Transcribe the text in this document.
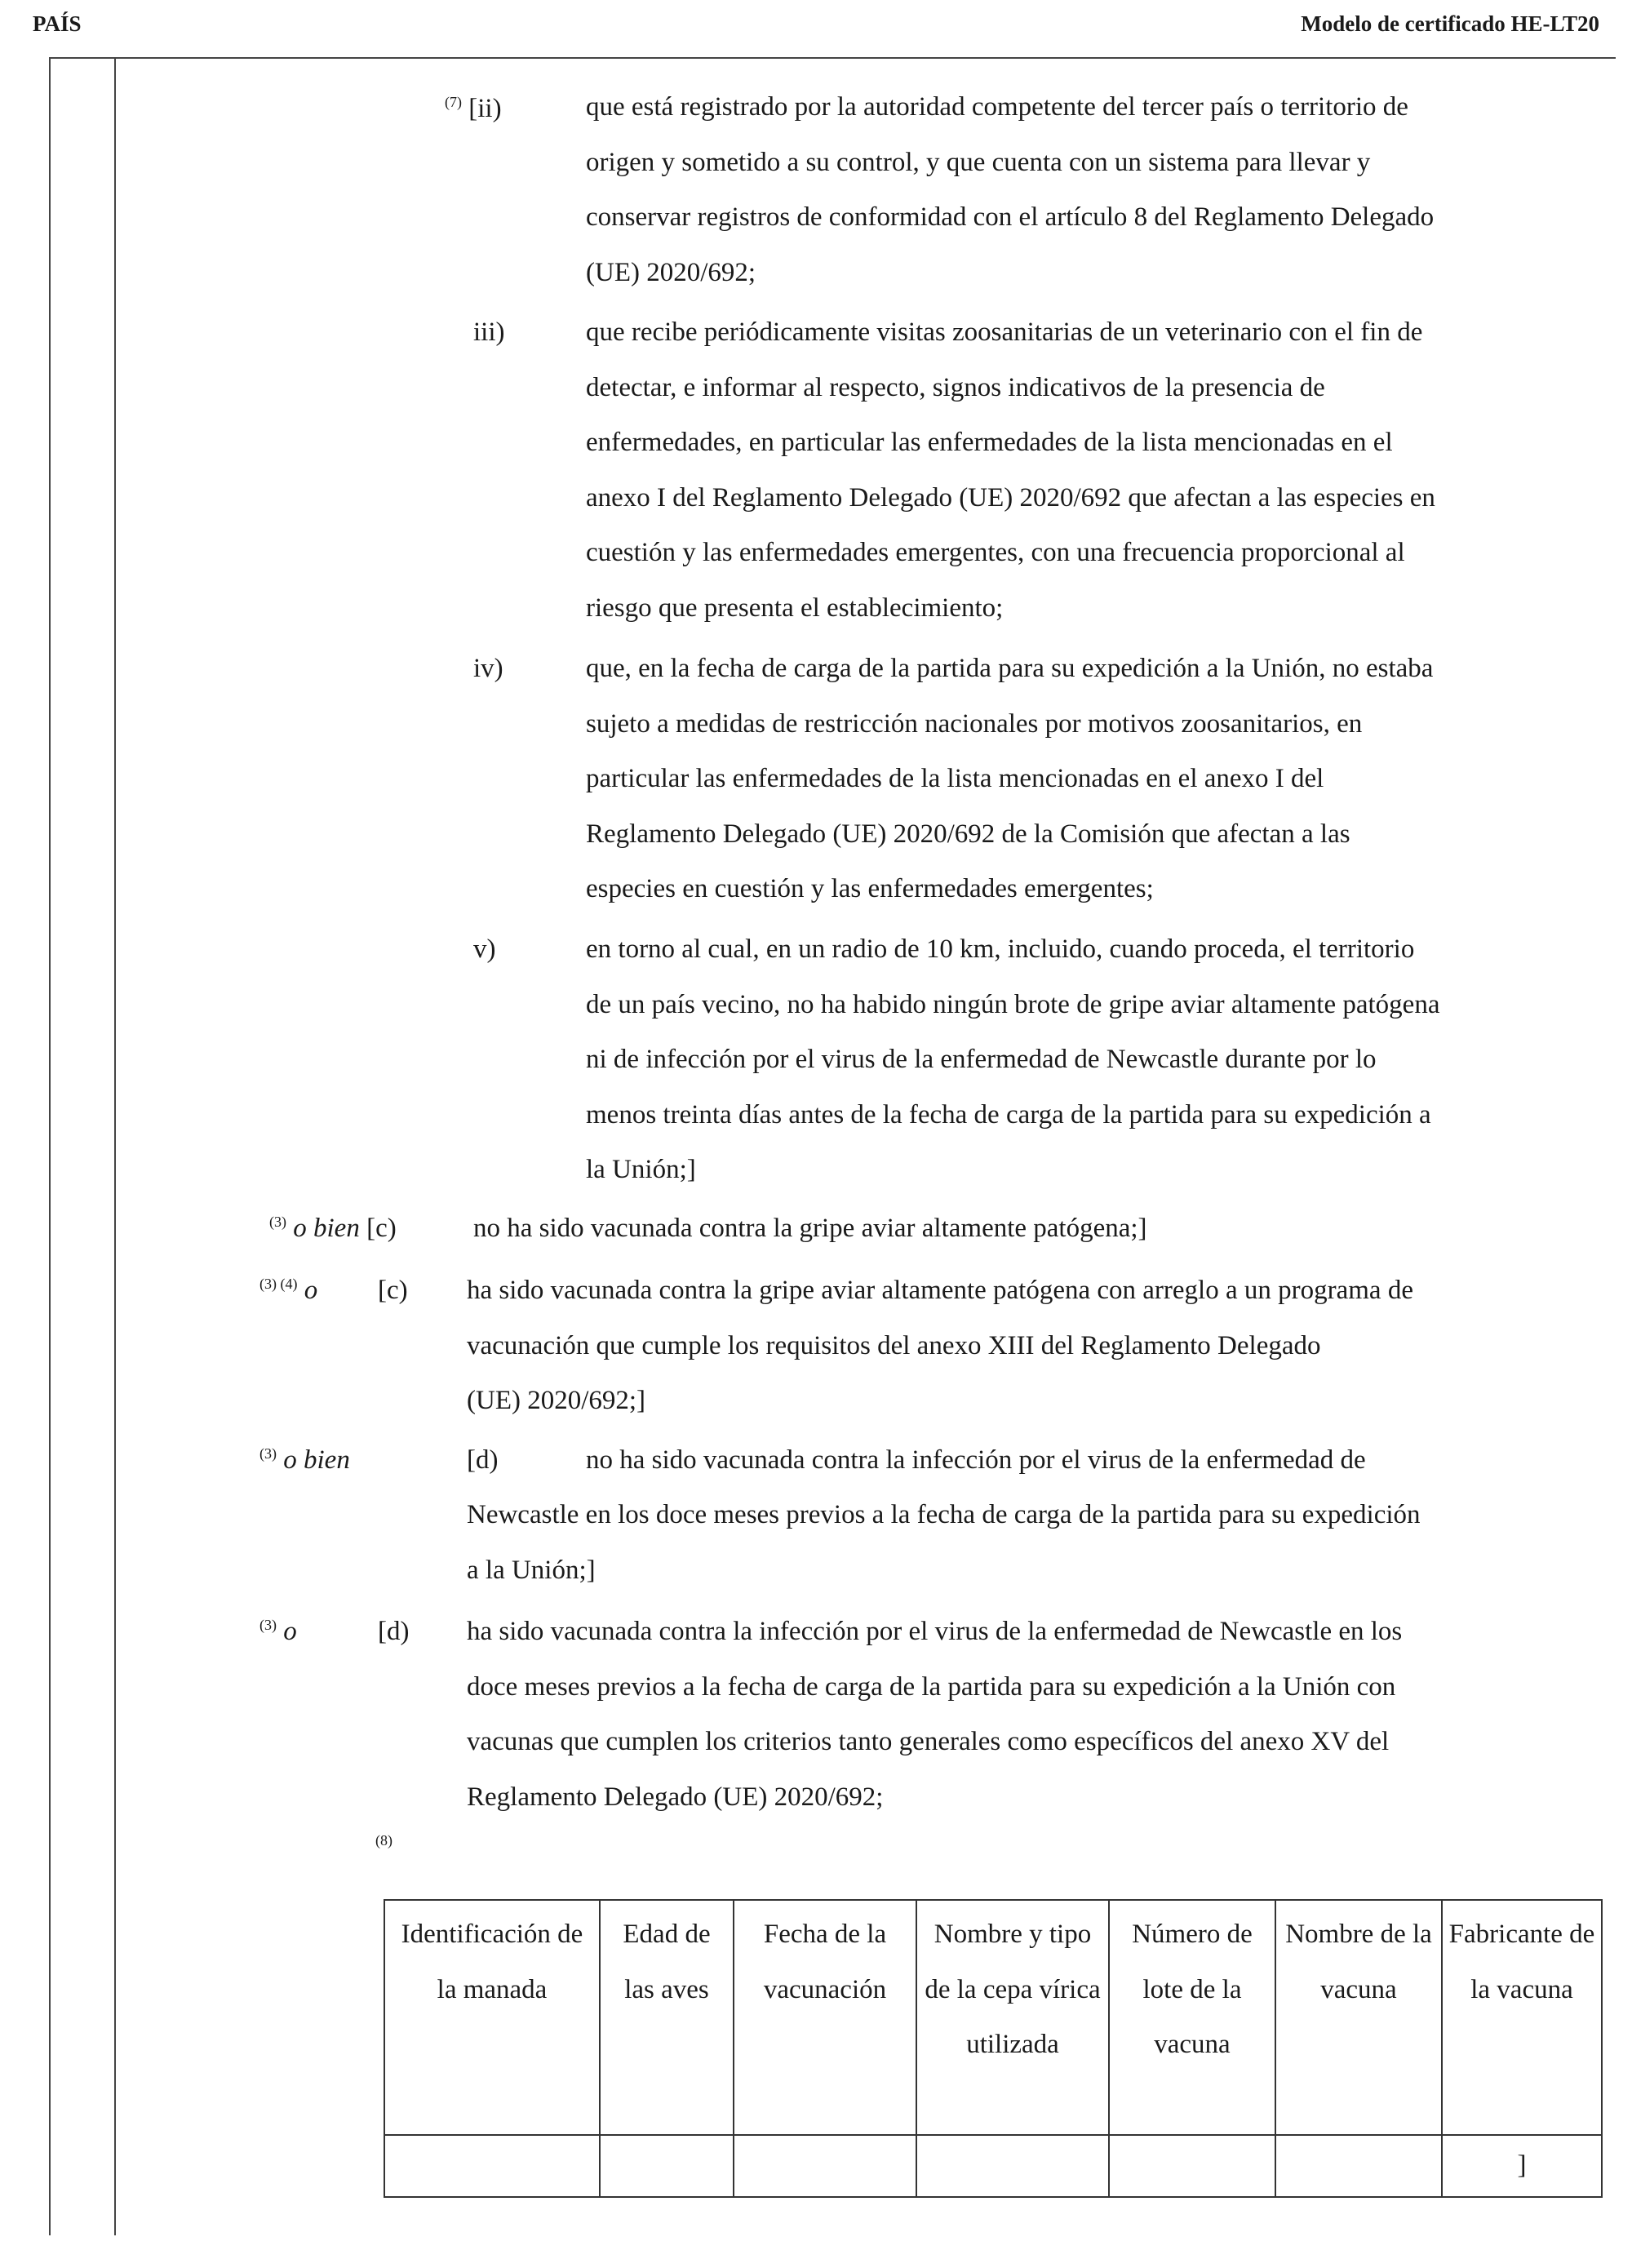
PAÍS	Modelo de certificado HE-LT20
$^{(7)}$ [ii)	que está registrado por la autoridad competente del tercer país o territorio de
origen y sometido a su control, y que cuenta con un sistema para llevar y
conservar registros de conformidad con el artículo 8 del Reglamento Delegado
(UE) 2020/692;
iii)	que recibe periódicamente visitas zoosanitarias de un veterinario con el fin de
detectar, e informar al respecto, signos indicativos de la presencia de
enfermedades, en particular las enfermedades de la lista mencionadas en el
anexo I del Reglamento Delegado (UE) 2020/692 que afectan a las especies en
cuestión y las enfermedades emergentes, con una frecuencia proporcional al
riesgo que presenta el establecimiento;
iv)	que, en la fecha de carga de la partida para su expedición a la Unión, no estaba
sujeto a medidas de restricción nacionales por motivos zoosanitarios, en
particular las enfermedades de la lista mencionadas en el anexo I del
Reglamento Delegado (UE) 2020/692 de la Comisión que afectan a las
especies en cuestión y las enfermedades emergentes;
v)	en torno al cual, en un radio de 10 km, incluido, cuando proceda, el territorio
de un país vecino, no ha habido ningún brote de gripe aviar altamente patógena
ni de infección por el virus de la enfermedad de Newcastle durante por lo
menos treinta días antes de la fecha de carga de la partida para su expedición a
la Unión;]
$^{(3)}$ o bien [c)	no ha sido vacunada contra la gripe aviar altamente patógena;]
$^{(3) (4)}$ o [c) ha sido vacunada contra la gripe aviar altamente patógena con arreglo a un programa de
vacunación que cumple los requisitos del anexo XIII del Reglamento Delegado
(UE) 2020/692;]
$^{(3)}$ o bien	[d)	no ha sido vacunada contra la infección por el virus de la enfermedad de
Newcastle en los doce meses previos a la fecha de carga de la partida para su expedición
a la Unión;]
$^{(3)}$ o	[d) ha sido vacunada contra la infección por el virus de la enfermedad de Newcastle en los
doce meses previos a la fecha de carga de la partida para su expedición a la Unión con
vacunas que cumplen los criterios tanto generales como específicos del anexo XV del
Reglamento Delegado (UE) 2020/692;
(8)
Identificación de la manada	Edad de las aves	Fecha de la vacunación	Nombre y tipo de la cepa vírica utilizada	Número de lote de la vacuna	Nombre de la vacuna	Fabricante de la vacuna
						]
